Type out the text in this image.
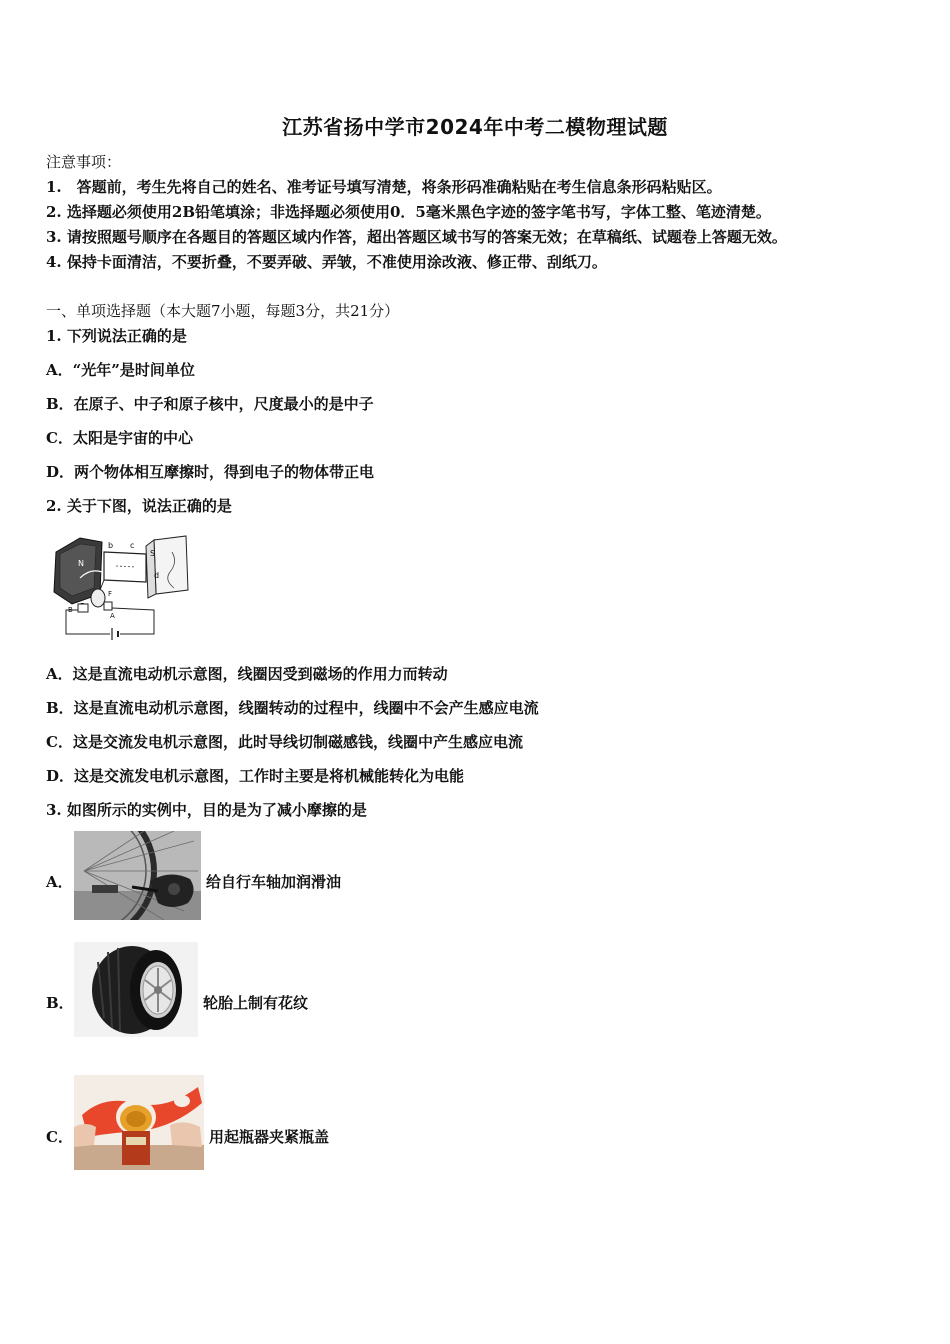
江苏省扬中学市2024年中考二模物理试题
注意事项：
1.　答题前，考生先将自己的姓名、准考证号填写清楚，将条形码准确粘贴在考生信息条形码粘贴区。
2. 选择题必须使用2B铅笔填涂；非选择题必须使用0．5毫米黑色字迹的签字笔书写，字体工整、笔迹清楚。
3. 请按照题号顺序在各题目的答题区域内作答，超出答题区域书写的答案无效；在草稿纸、试题卷上答题无效。
4. 保持卡面清洁，不要折叠，不要弄破、弄皱，不准使用涂改液、修正带、刮纸刀。
一、单项选择题（本大题7小题，每题3分，共21分）
1. 下列说法正确的是
A．“光年”是时间单位
B．在原子、中子和原子核中，尺度最小的是中子
C．太阳是宇宙的中心
D．两个物体相互摩擦时，得到电子的物体带正电
2. 关于下图，说法正确的是
N
S
b c
d
F
B
A
A．这是直流电动机示意图，线圈因受到磁场的作用力而转动
B．这是直流电动机示意图，线圈转动的过程中，线圈中不会产生感应电流
C．这是交流发电机示意图，此时导线切制磁感钱，线圈中产生感应电流
D．这是交流发电机示意图，工作时主要是将机械能转化为电能
3. 如图所示的实例中，目的是为了减小摩擦的是
A．	给自行车轴加润滑油
B．	轮胎上制有花纹
C．	用起瓶器夹紧瓶盖
